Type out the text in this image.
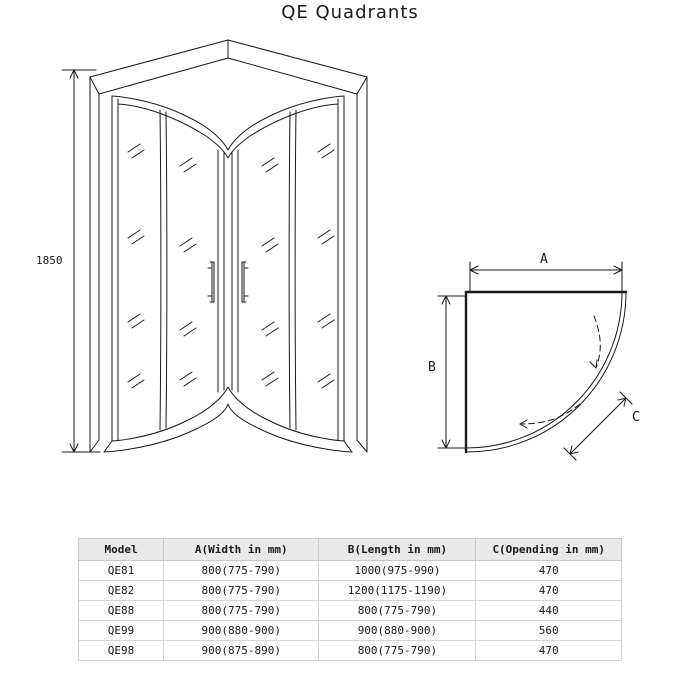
QE Quadrants
1850	A
B
C
Model	A(Width in mm)	B(Length in mm)	C(Opending in mm)
QE81	800(775-790)	1000(975-990)	470
QE82	800(775-790)	1200(1175-1190)	470
QE88	800(775-790)	800(775-790)	440
QE99	900(880-900)	900(880-900)	560
QE98	900(875-890)	800(775-790)	470
